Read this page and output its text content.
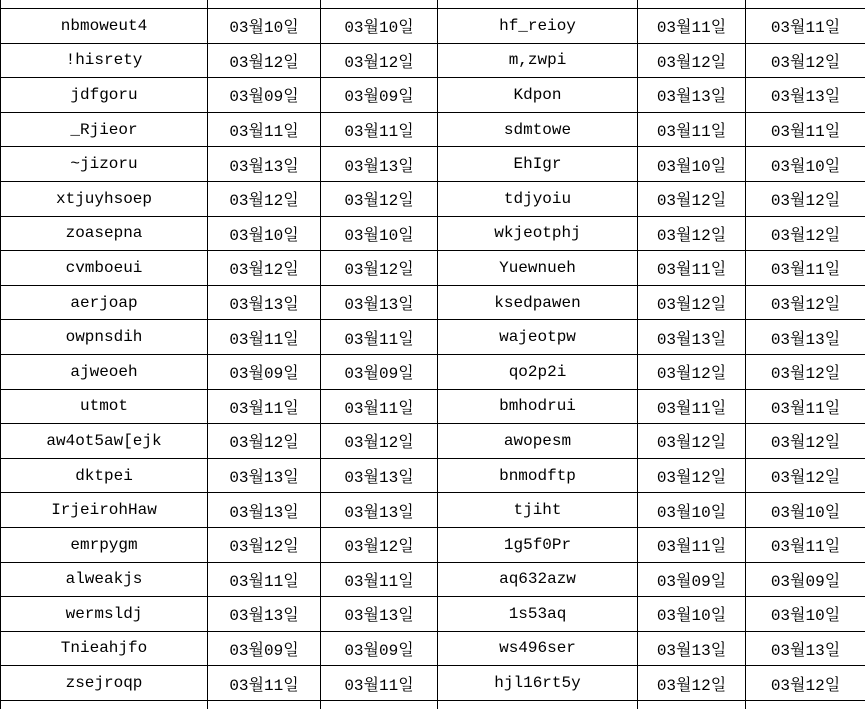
nbmoweut4	03월10일	03월10일	hf_reioy	03월11일	03월11일
!hisrety	03월12일	03월12일	m,zwpi	03월12일	03월12일
jdfgoru	03월09일	03월09일	Kdpon	03월13일	03월13일
_Rjieor	03월11일	03월11일	sdmtowe	03월11일	03월11일
~jizoru	03월13일	03월13일	EhIgr	03월10일	03월10일
xtjuyhsoep	03월12일	03월12일	tdjyoiu	03월12일	03월12일
zoasepna	03월10일	03월10일	wkjeotphj	03월12일	03월12일
cvmboeui	03월12일	03월12일	Yuewnueh	03월11일	03월11일
aerjoap	03월13일	03월13일	ksedpawen	03월12일	03월12일
owpnsdih	03월11일	03월11일	wajeotpw	03월13일	03월13일
ajweoeh	03월09일	03월09일	qo2p2i	03월12일	03월12일
utmot	03월11일	03월11일	bmhodrui	03월11일	03월11일
aw4ot5aw[ejk	03월12일	03월12일	awopesm	03월12일	03월12일
dktpei	03월13일	03월13일	bnmodftp	03월12일	03월12일
IrjeirohHaw	03월13일	03월13일	tjiht	03월10일	03월10일
emrpygm	03월12일	03월12일	1g5f0Pr	03월11일	03월11일
alweakjs	03월11일	03월11일	aq632azw	03월09일	03월09일
wermsldj	03월13일	03월13일	1s53aq	03월10일	03월10일
Tnieahjfo	03월09일	03월09일	ws496ser	03월13일	03월13일
zsejroqp	03월11일	03월11일	hjl16rt5y	03월12일	03월12일
